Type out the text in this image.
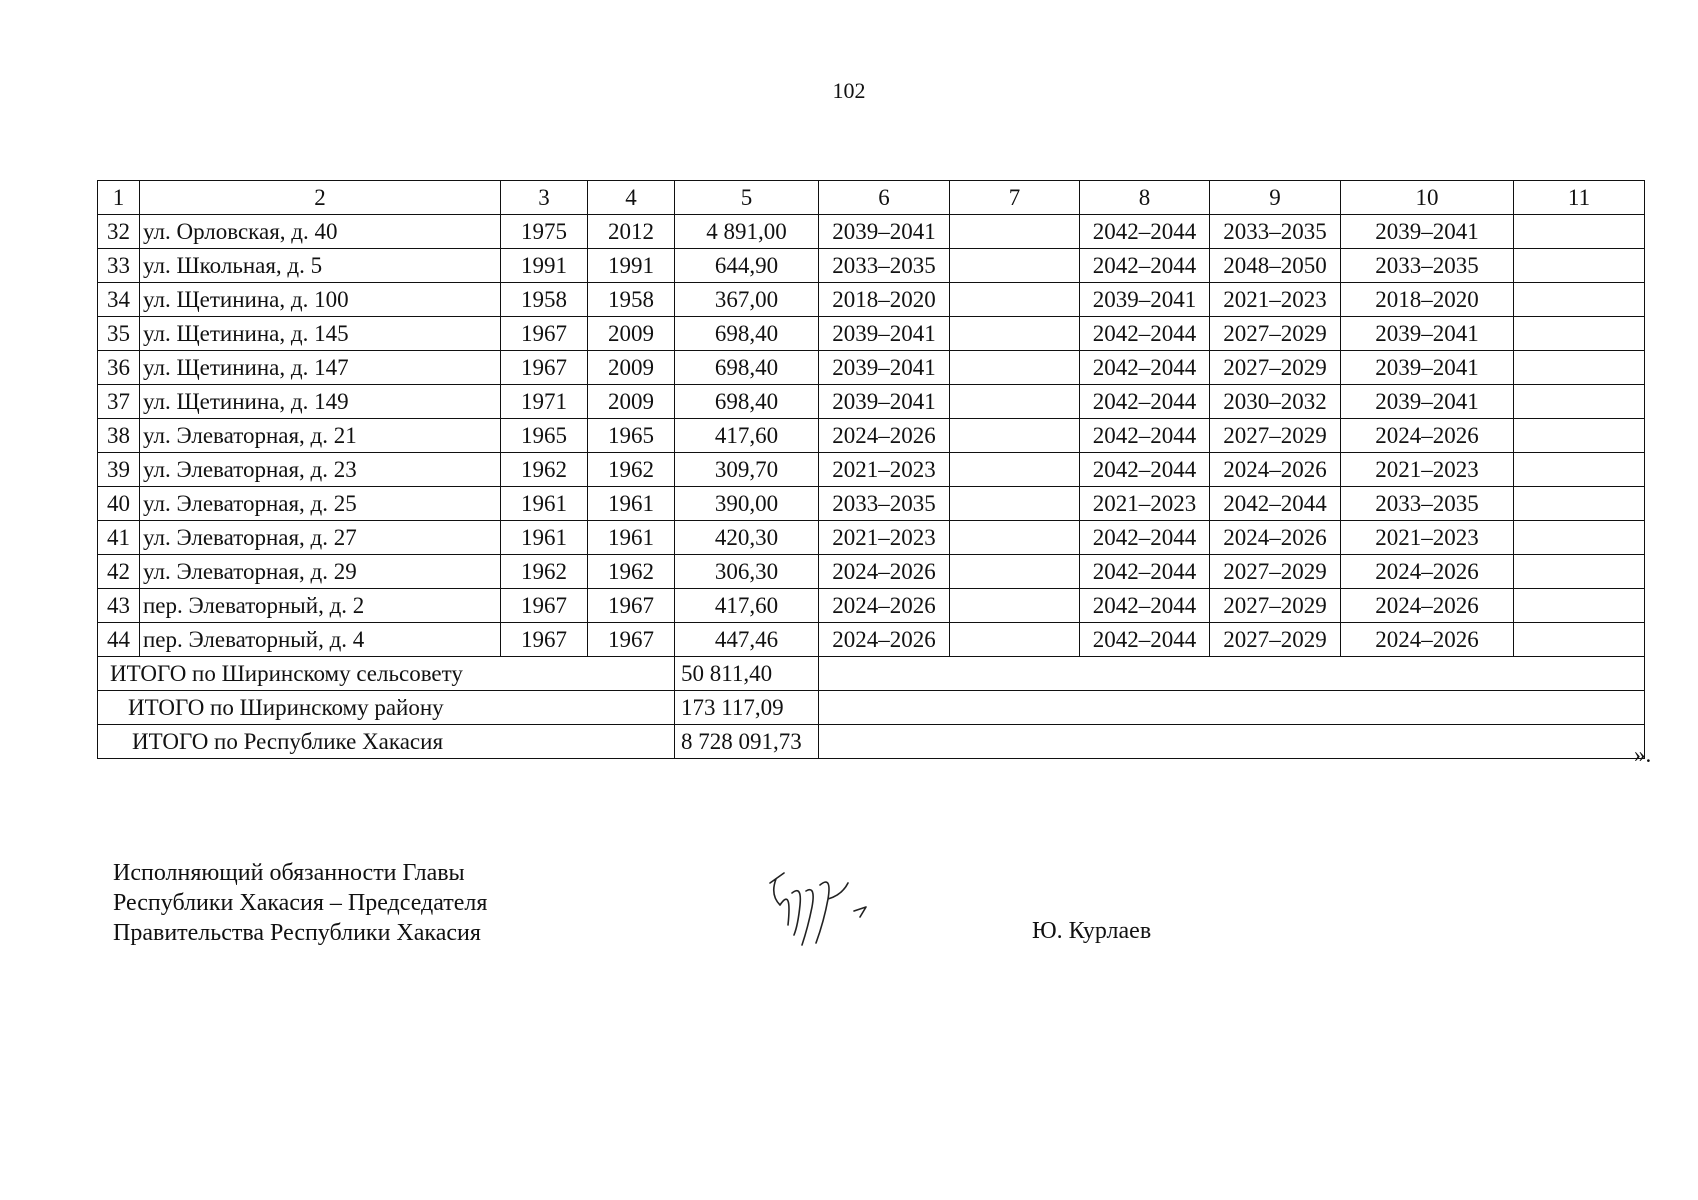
102
1	2	3	4	5	6	7	8	9	10	11
32	ул. Орловская, д. 40	1975	2012	4 891,00	2039–2041		2042–2044	2033–2035	2039–2041	
33	ул. Школьная, д. 5	1991	1991	644,90	2033–2035		2042–2044	2048–2050	2033–2035	
34	ул. Щетинина, д. 100	1958	1958	367,00	2018–2020		2039–2041	2021–2023	2018–2020	
35	ул. Щетинина, д. 145	1967	2009	698,40	2039–2041		2042–2044	2027–2029	2039–2041	
36	ул. Щетинина, д. 147	1967	2009	698,40	2039–2041		2042–2044	2027–2029	2039–2041	
37	ул. Щетинина, д. 149	1971	2009	698,40	2039–2041		2042–2044	2030–2032	2039–2041	
38	ул. Элеваторная, д. 21	1965	1965	417,60	2024–2026		2042–2044	2027–2029	2024–2026	
39	ул. Элеваторная, д. 23	1962	1962	309,70	2021–2023		2042–2044	2024–2026	2021–2023	
40	ул. Элеваторная, д. 25	1961	1961	390,00	2033–2035		2021–2023	2042–2044	2033–2035	
41	ул. Элеваторная, д. 27	1961	1961	420,30	2021–2023		2042–2044	2024–2026	2021–2023	
42	ул. Элеваторная, д. 29	1962	1962	306,30	2024–2026		2042–2044	2027–2029	2024–2026	
43	пер. Элеваторный, д. 2	1967	1967	417,60	2024–2026		2042–2044	2027–2029	2024–2026	
44	пер. Элеваторный, д. 4	1967	1967	447,46	2024–2026		2042–2044	2027–2029	2024–2026	
ИТОГО по Ширинскому сельсовету				50 811,40						
ИТОГО по Ширинскому району				173 117,09						
ИТОГО по Республике Хакасия				8 728 091,73						
».
Исполняющий обязанности Главы
Республики Хакасия – Председателя
Правительства Республики Хакасия	Ю. Курлаев
